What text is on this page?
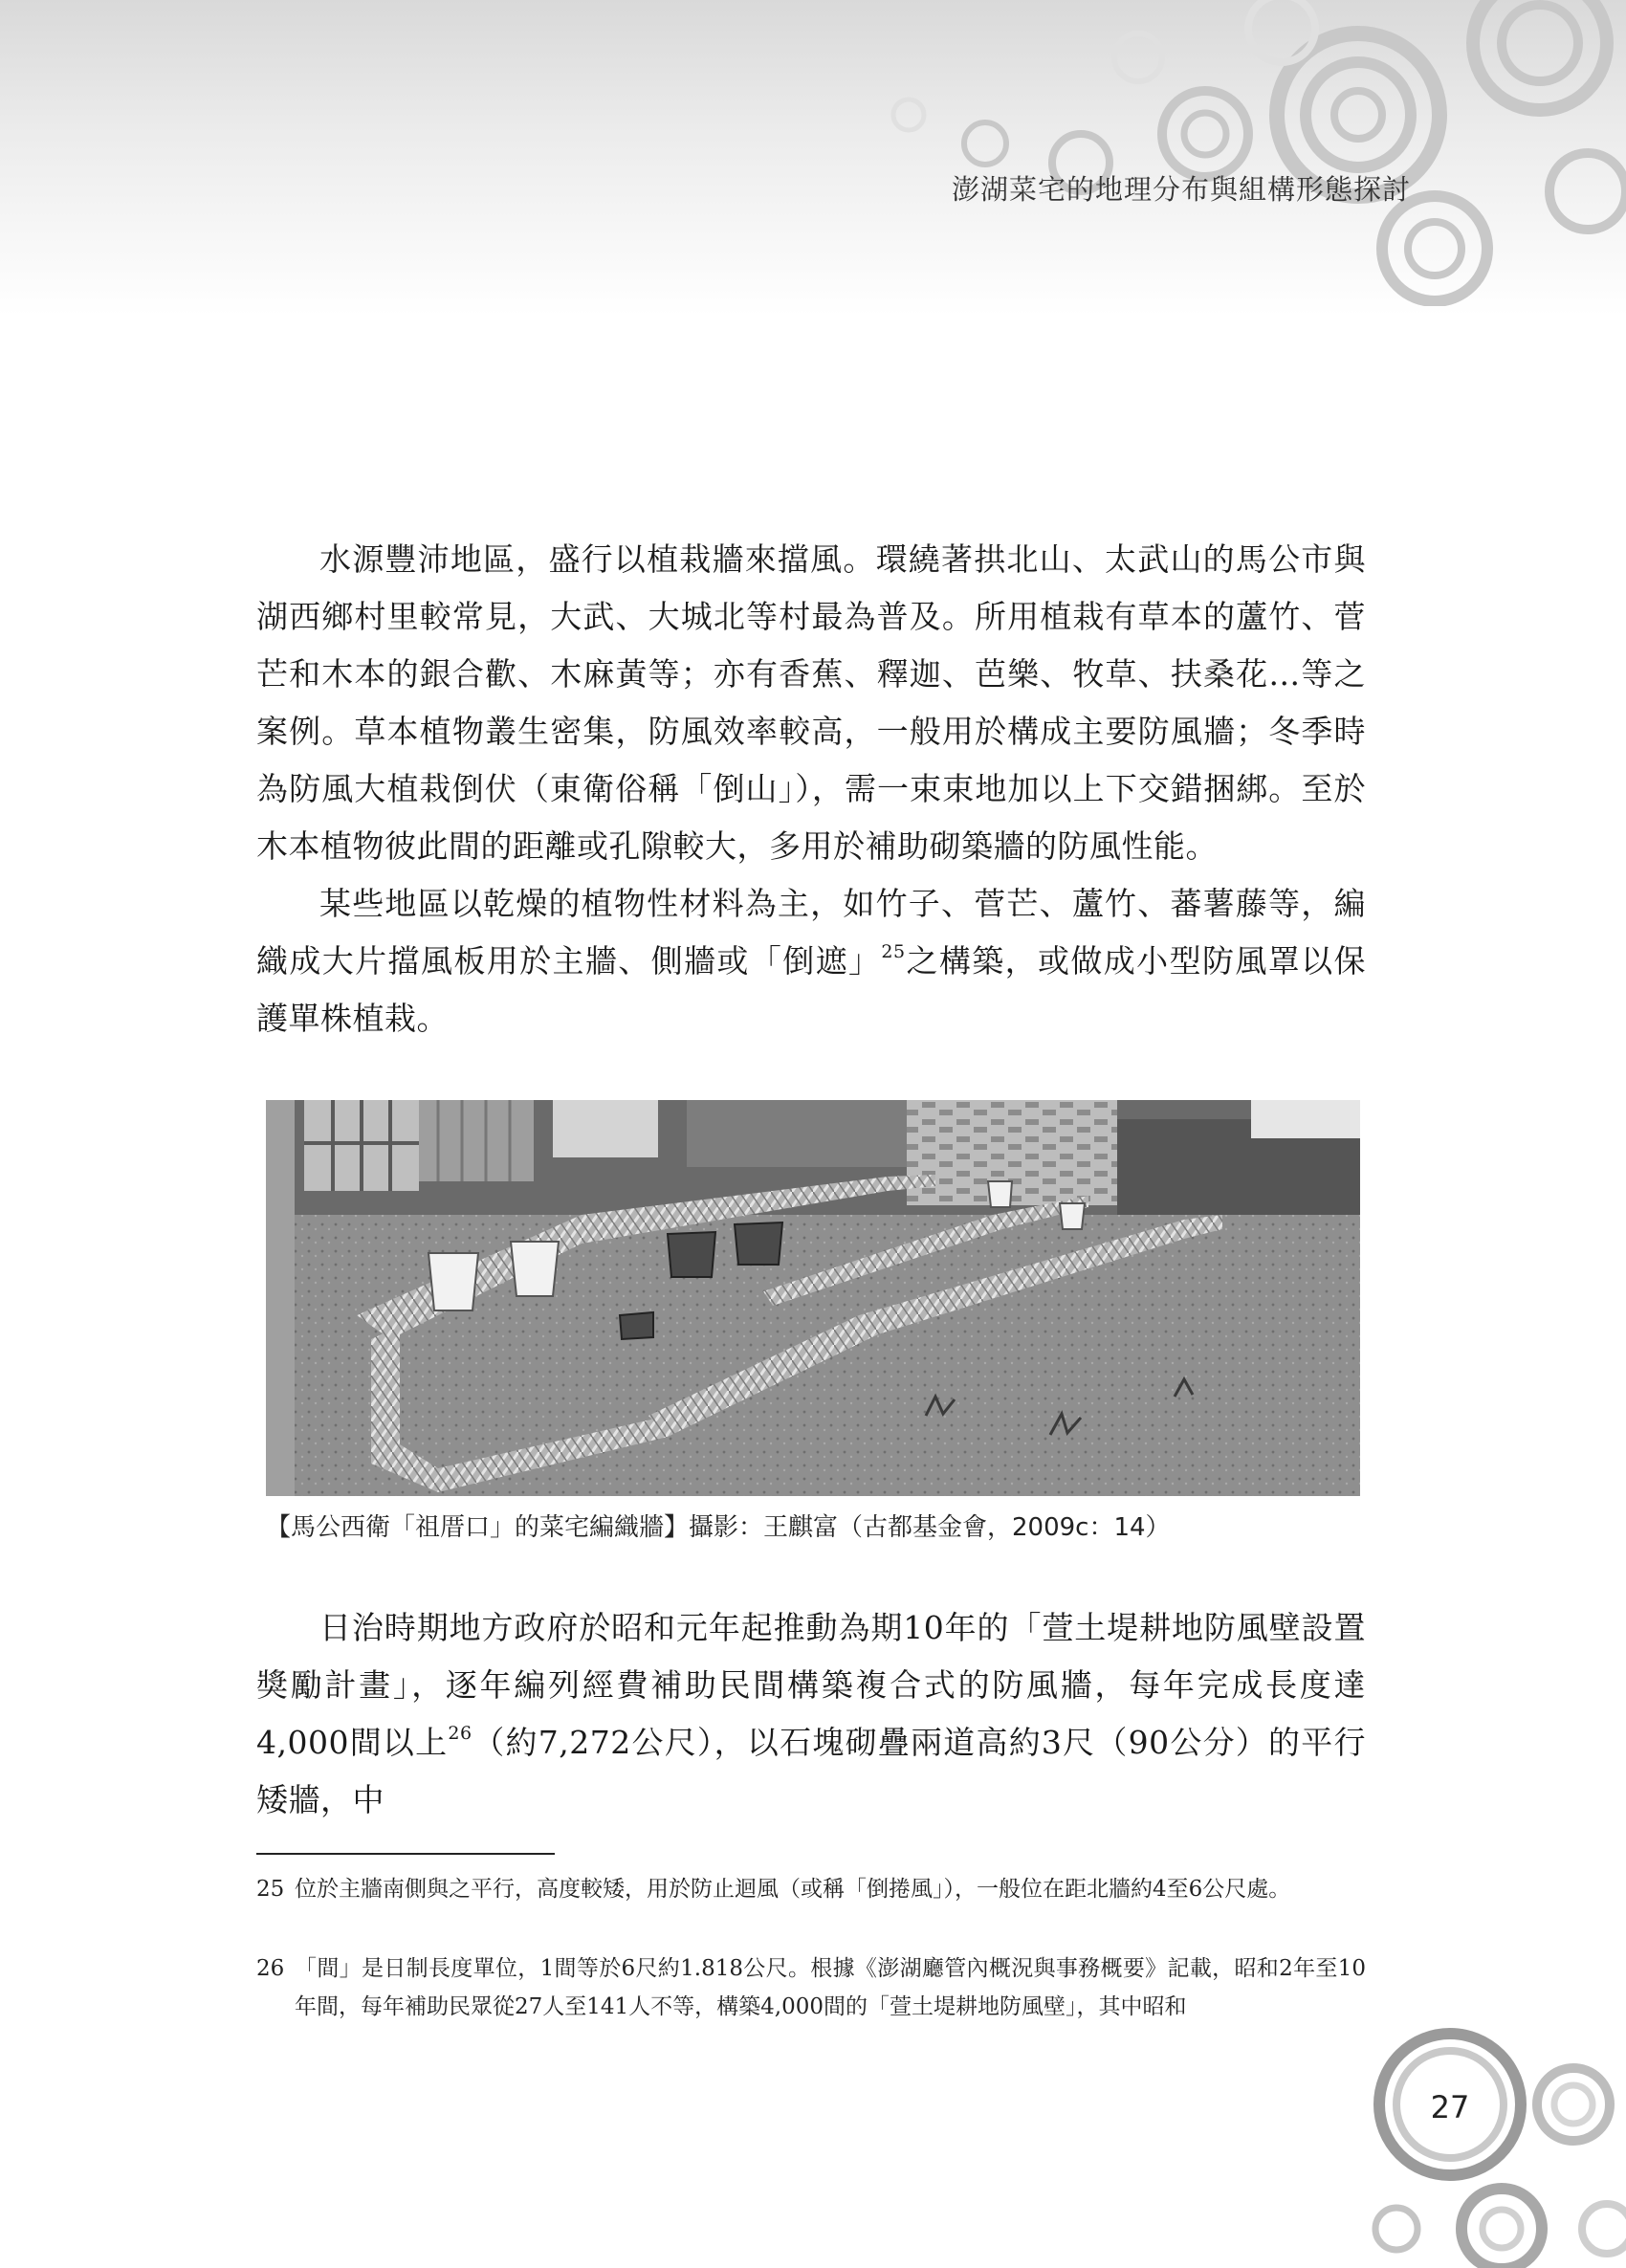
澎湖菜宅的地理分布與組構形態探討

水源豐沛地區，盛行以植栽牆來擋風。環繞著拱北山、太武山的馬公市與湖西鄉村里較常見，大武、大城北等村最為普及。所用植栽有草本的蘆竹、菅芒和木本的銀合歡、木麻黃等；亦有香蕉、釋迦、芭樂、牧草、扶桑花…等之案例。草本植物叢生密集，防風效率較高，一般用於構成主要防風牆；冬季時為防風大植栽倒伏（東衛俗稱「倒山」），需一束束地加以上下交錯捆綁。至於木本植物彼此間的距離或孔隙較大，多用於補助砌築牆的防風性能。

某些地區以乾燥的植物性材料為主，如竹子、菅芒、蘆竹、蕃薯藤等，編織成大片擋風板用於主牆、側牆或「倒遮」$^{25}$之構築，或做成小型防風罩以保護單株植栽。

【馬公西衛「祖厝口」的菜宅編織牆】攝影：王麒富（古都基金會，2009c：14）

日治時期地方政府於昭和元年起推動為期10年的「萱土堤耕地防風壁設置獎勵計畫」，逐年編列經費補助民間構築複合式的防風牆，每年完成長度達4,000間以上$^{26}$（約7,272公尺），以石塊砌疊兩道高約3尺（90公分）的平行矮牆，中

25 位於主牆南側與之平行，高度較矮，用於防止迴風（或稱「倒捲風」），一般位在距北牆約4至6公尺處。
26 「間」是日制長度單位，1間等於6尺約1.818公尺。根據《澎湖廳管內概況與事務概要》記載，昭和2年至10年間，每年補助民眾從27人至141人不等，構築4,000間的「萱土堤耕地防風壁」，其中昭和
27
